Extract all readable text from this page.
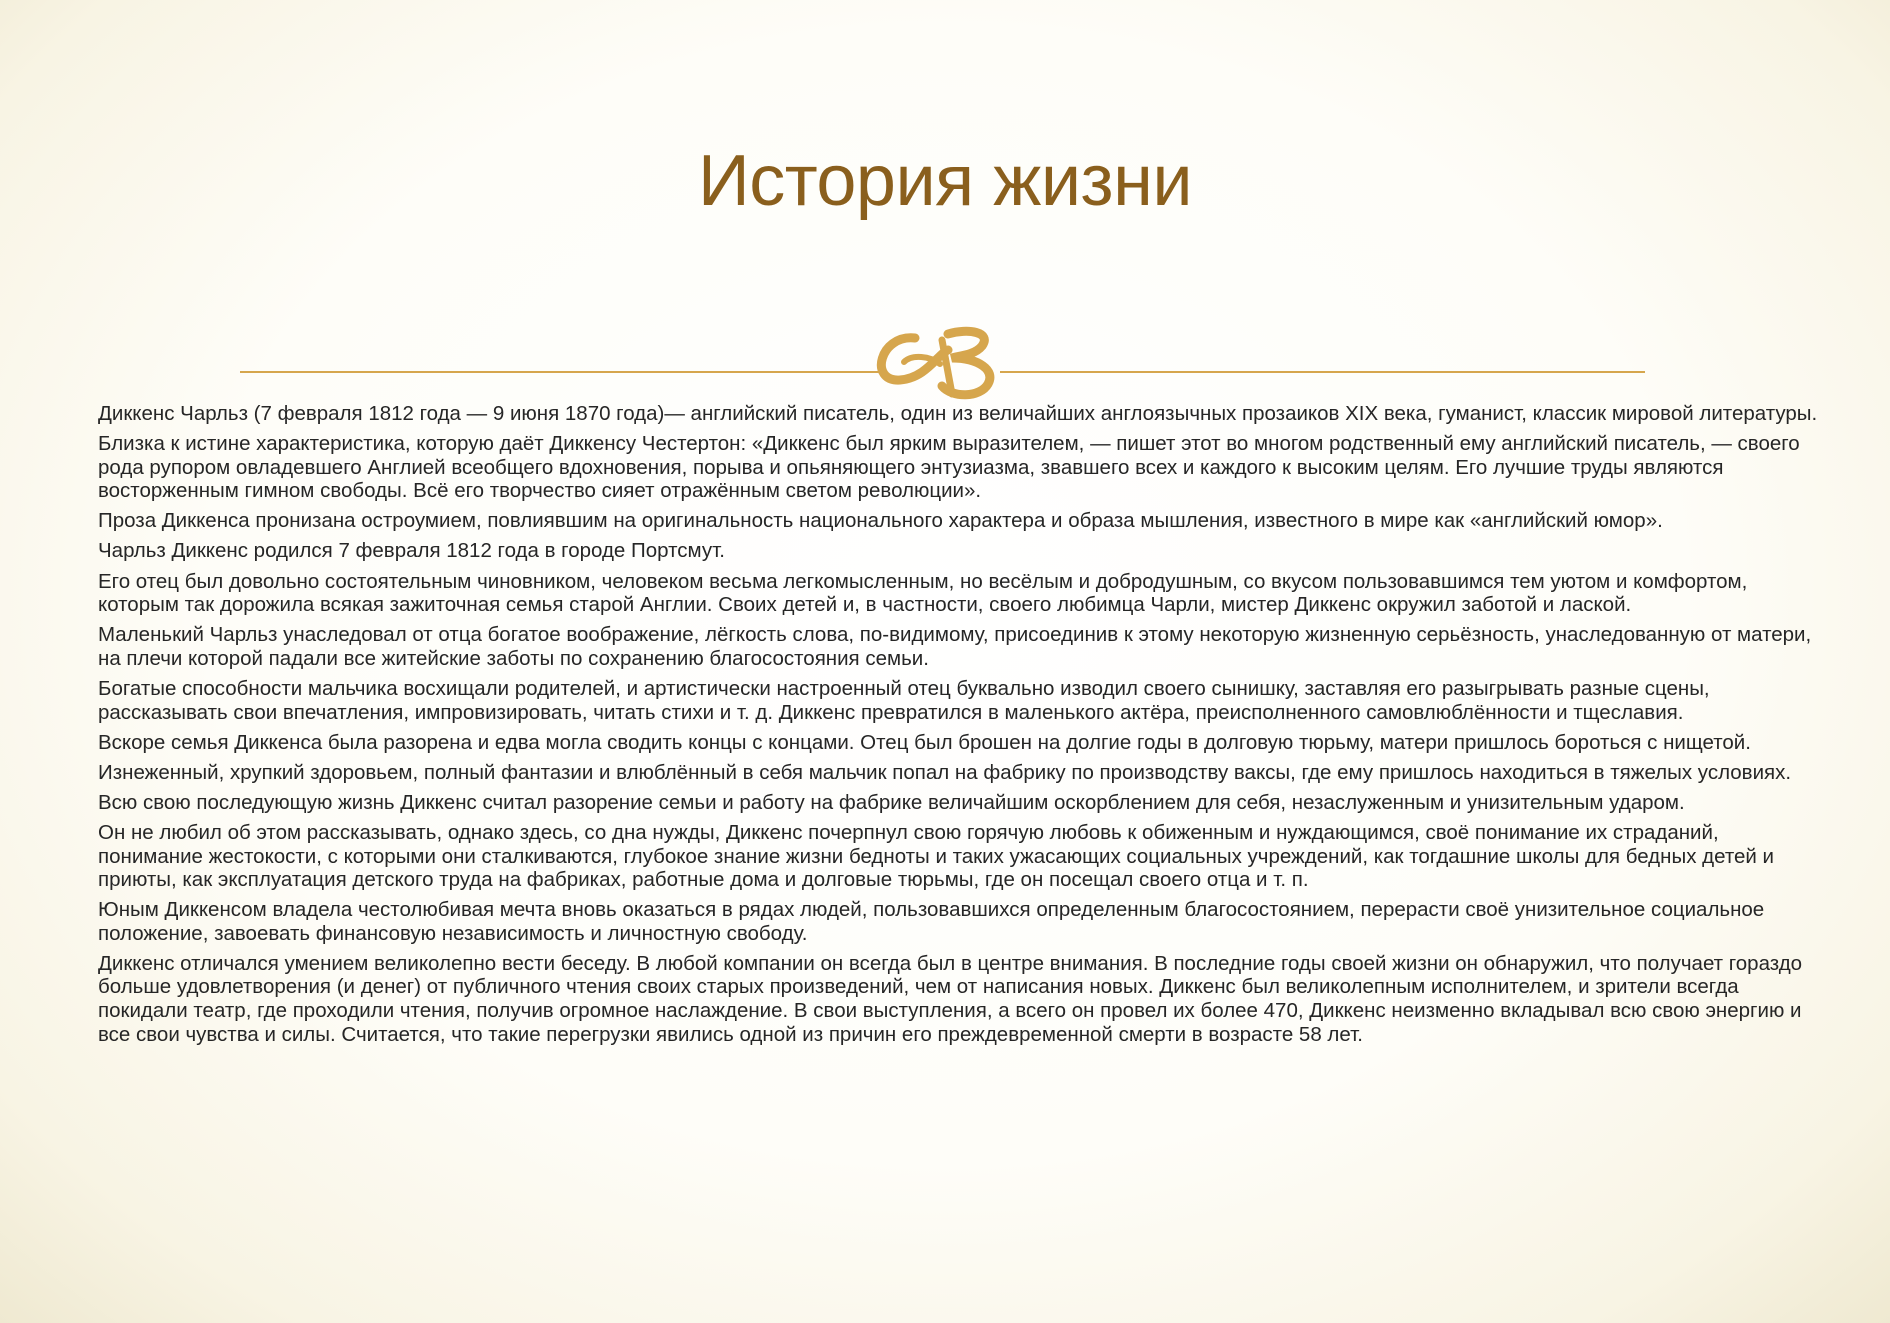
История жизни

Диккенс Чарльз (7 февраля 1812 года — 9 июня 1870 года)— английский писатель, один из величайших англоязычных прозаиков XIX века, гуманист, классик мировой литературы.

Близка к истине характеристика, которую даёт Диккенсу Честертон: «Диккенс был ярким выразителем, — пишет этот во многом родственный ему английский писатель, — своего рода рупором овладевшего Англией всеобщего вдохновения, порыва и опьяняющего энтузиазма, звавшего всех и каждого к высоким целям. Его лучшие труды являются восторженным гимном свободы. Всё его творчество сияет отражённым светом революции».

Проза Диккенса пронизана остроумием, повлиявшим на оригинальность национального характера и образа мышления, известного в мире как «английский юмор».

Чарльз Диккенс родился 7 февраля 1812 года в городе Портсмут.

Его отец был довольно состоятельным чиновником, человеком весьма легкомысленным, но весёлым и добродушным, со вкусом пользовавшимся тем уютом и комфортом, которым так дорожила всякая зажиточная семья старой Англии. Своих детей и, в частности, своего любимца Чарли, мистер Диккенс окружил заботой и лаской.

Маленький Чарльз унаследовал от отца богатое воображение, лёгкость слова, по-видимому, присоединив к этому некоторую жизненную серьёзность, унаследованную от матери, на плечи которой падали все житейские заботы по сохранению благосостояния семьи.

Богатые способности мальчика восхищали родителей, и артистически настроенный отец буквально изводил своего сынишку, заставляя его разыгрывать разные сцены, рассказывать свои впечатления, импровизировать, читать стихи и т. д. Диккенс превратился в маленького актёра, преисполненного самовлюблённости и тщеславия.

Вскоре семья Диккенса была разорена и едва могла сводить концы с концами. Отец был брошен на долгие годы в долговую тюрьму, матери пришлось бороться с нищетой.

Изнеженный, хрупкий здоровьем, полный фантазии и влюблённый в себя мальчик попал на фабрику по производству ваксы, где ему пришлось находиться в тяжелых условиях.

Всю свою последующую жизнь Диккенс считал разорение семьи и работу на фабрике величайшим оскорблением для себя, незаслуженным и унизительным ударом.

Он не любил об этом рассказывать, однако здесь, со дна нужды, Диккенс почерпнул свою горячую любовь к обиженным и нуждающимся, своё понимание их страданий, понимание жестокости, с которыми они сталкиваются, глубокое знание жизни бедноты и таких ужасающих социальных учреждений, как тогдашние школы для бедных детей и приюты, как эксплуатация детского труда на фабриках, работные дома и долговые тюрьмы, где он посещал своего отца и т. п.

Юным Диккенсом владела честолюбивая мечта вновь оказаться в рядах людей, пользовавшихся определенным благосостоянием, перерасти своё унизительное социальное положение, завоевать финансовую независимость и личностную свободу.

Диккенс отличался умением великолепно вести беседу. В любой компании он всегда был в центре внимания. В последние годы своей жизни он обнаружил, что получает гораздо больше удовлетворения (и денег) от публичного чтения своих старых произведений, чем от написания новых. Диккенс был великолепным исполнителем, и зрители всегда покидали театр, где проходили чтения, получив огромное наслаждение. В свои выступления, а всего он провел их более 470, Диккенс неизменно вкладывал всю свою энергию и все свои чувства и силы. Считается, что такие перегрузки явились одной из причин его преждевременной смерти в возрасте 58 лет.
